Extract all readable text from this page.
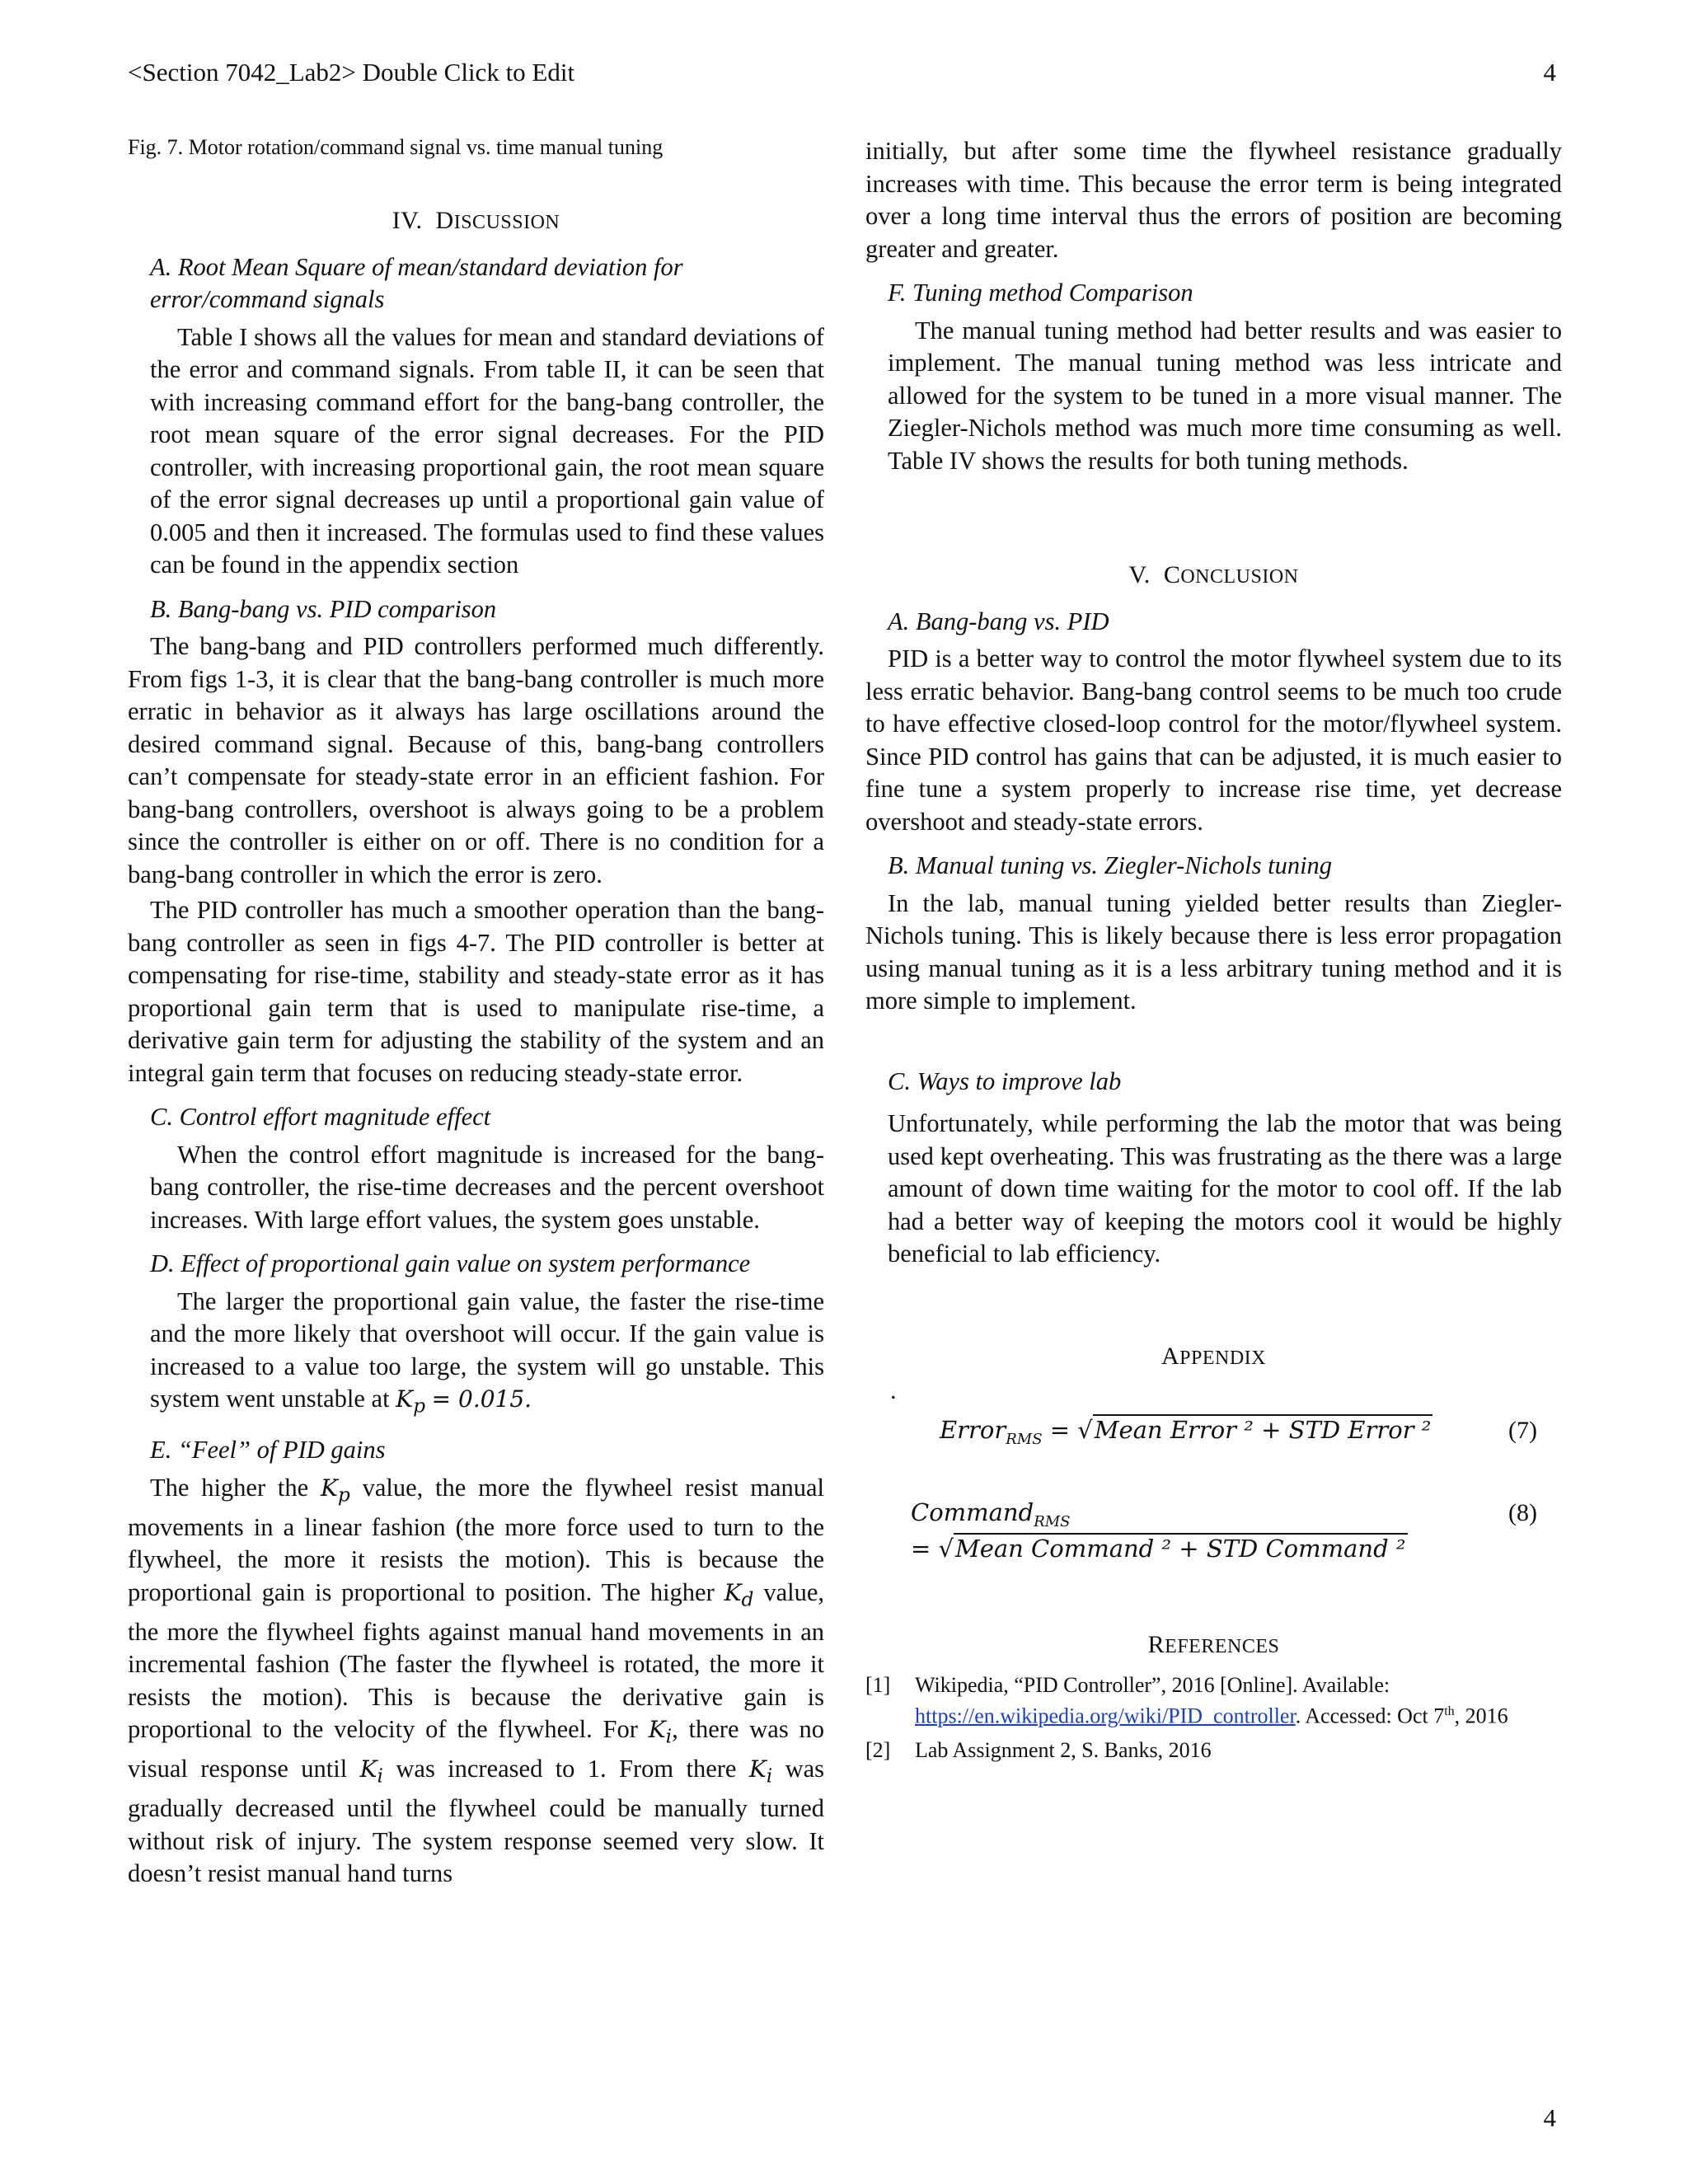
<Section 7042_Lab2> Double Click to Edit	4
Fig. 7. Motor rotation/command signal vs. time manual tuning
IV. DISCUSSION
A. Root Mean Square of mean/standard deviation for error/command signals
Table I shows all the values for mean and standard deviations of the error and command signals. From table II, it can be seen that with increasing command effort for the bang-bang controller, the root mean square of the error signal decreases. For the PID controller, with increasing proportional gain, the root mean square of the error signal decreases up until a proportional gain value of 0.005 and then it increased. The formulas used to find these values can be found in the appendix section
B. Bang-bang vs. PID comparison
The bang-bang and PID controllers performed much differently. From figs 1-3, it is clear that the bang-bang controller is much more erratic in behavior as it always has large oscillations around the desired command signal. Because of this, bang-bang controllers can’t compensate for steady-state error in an efficient fashion. For bang-bang controllers, overshoot is always going to be a problem since the controller is either on or off. There is no condition for a bang-bang controller in which the error is zero.
The PID controller has much a smoother operation than the bang-bang controller as seen in figs 4-7. The PID controller is better at compensating for rise-time, stability and steady-state error as it has proportional gain term that is used to manipulate rise-time, a derivative gain term for adjusting the stability of the system and an integral gain term that focuses on reducing steady-state error.
C. Control effort magnitude effect
When the control effort magnitude is increased for the bang-bang controller, the rise-time decreases and the percent overshoot increases. With large effort values, the system goes unstable.
D. Effect of proportional gain value on system performance
The larger the proportional gain value, the faster the rise-time and the more likely that overshoot will occur. If the gain value is increased to a value too large, the system will go unstable. This system went unstable at $K_p = 0.015$.
E. “Feel” of PID gains
The higher the $K_p$ value, the more the flywheel resist manual movements in a linear fashion (the more force used to turn to the flywheel, the more it resists the motion). This is because the proportional gain is proportional to position. The higher $K_d$ value, the more the flywheel fights against manual hand movements in an incremental fashion (The faster the flywheel is rotated, the more it resists the motion). This is because the derivative gain is proportional to the velocity of the flywheel. For $K_i$, there was no visual response until $K_i$ was increased to 1. From there $K_i$ was gradually decreased until the flywheel could be manually turned without risk of injury. The system response seemed very slow. It doesn’t resist manual hand turns
initially, but after some time the flywheel resistance gradually increases with time. This because the error term is being integrated over a long time interval thus the errors of position are becoming greater and greater.
F. Tuning method Comparison
The manual tuning method had better results and was easier to implement. The manual tuning method was less intricate and allowed for the system to be tuned in a more visual manner. The Ziegler-Nichols method was much more time consuming as well. Table IV shows the results for both tuning methods.
V. CONCLUSION
A. Bang-bang vs. PID
PID is a better way to control the motor flywheel system due to its less erratic behavior. Bang-bang control seems to be much too crude to have effective closed-loop control for the motor/flywheel system. Since PID control has gains that can be adjusted, it is much easier to fine tune a system properly to increase rise time, yet decrease overshoot and steady-state errors.
B. Manual tuning vs. Ziegler-Nichols tuning
In the lab, manual tuning yielded better results than Ziegler-Nichols tuning. This is likely because there is less error propagation using manual tuning as it is a less arbitrary tuning method and it is more simple to implement.
C. Ways to improve lab
Unfortunately, while performing the lab the motor that was being used kept overheating. This was frustrating as the there was a large amount of down time waiting for the motor to cool off. If the lab had a better way of keeping the motors cool it would be highly beneficial to lab efficiency.
APPENDIX
.
Error$_{RMS}$ = √Mean Error ² + STD Error ²	(7)
Command$_{RMS}$	(8)
= √Mean Command ² + STD Command ²
REFERENCES
[1]	Wikipedia, “PID Controller”, 2016 [Online]. Available: https://en.wikipedia.org/wiki/PID_controller. Accessed: Oct 7th, 2016
[2]	Lab Assignment 2, S. Banks, 2016
4
